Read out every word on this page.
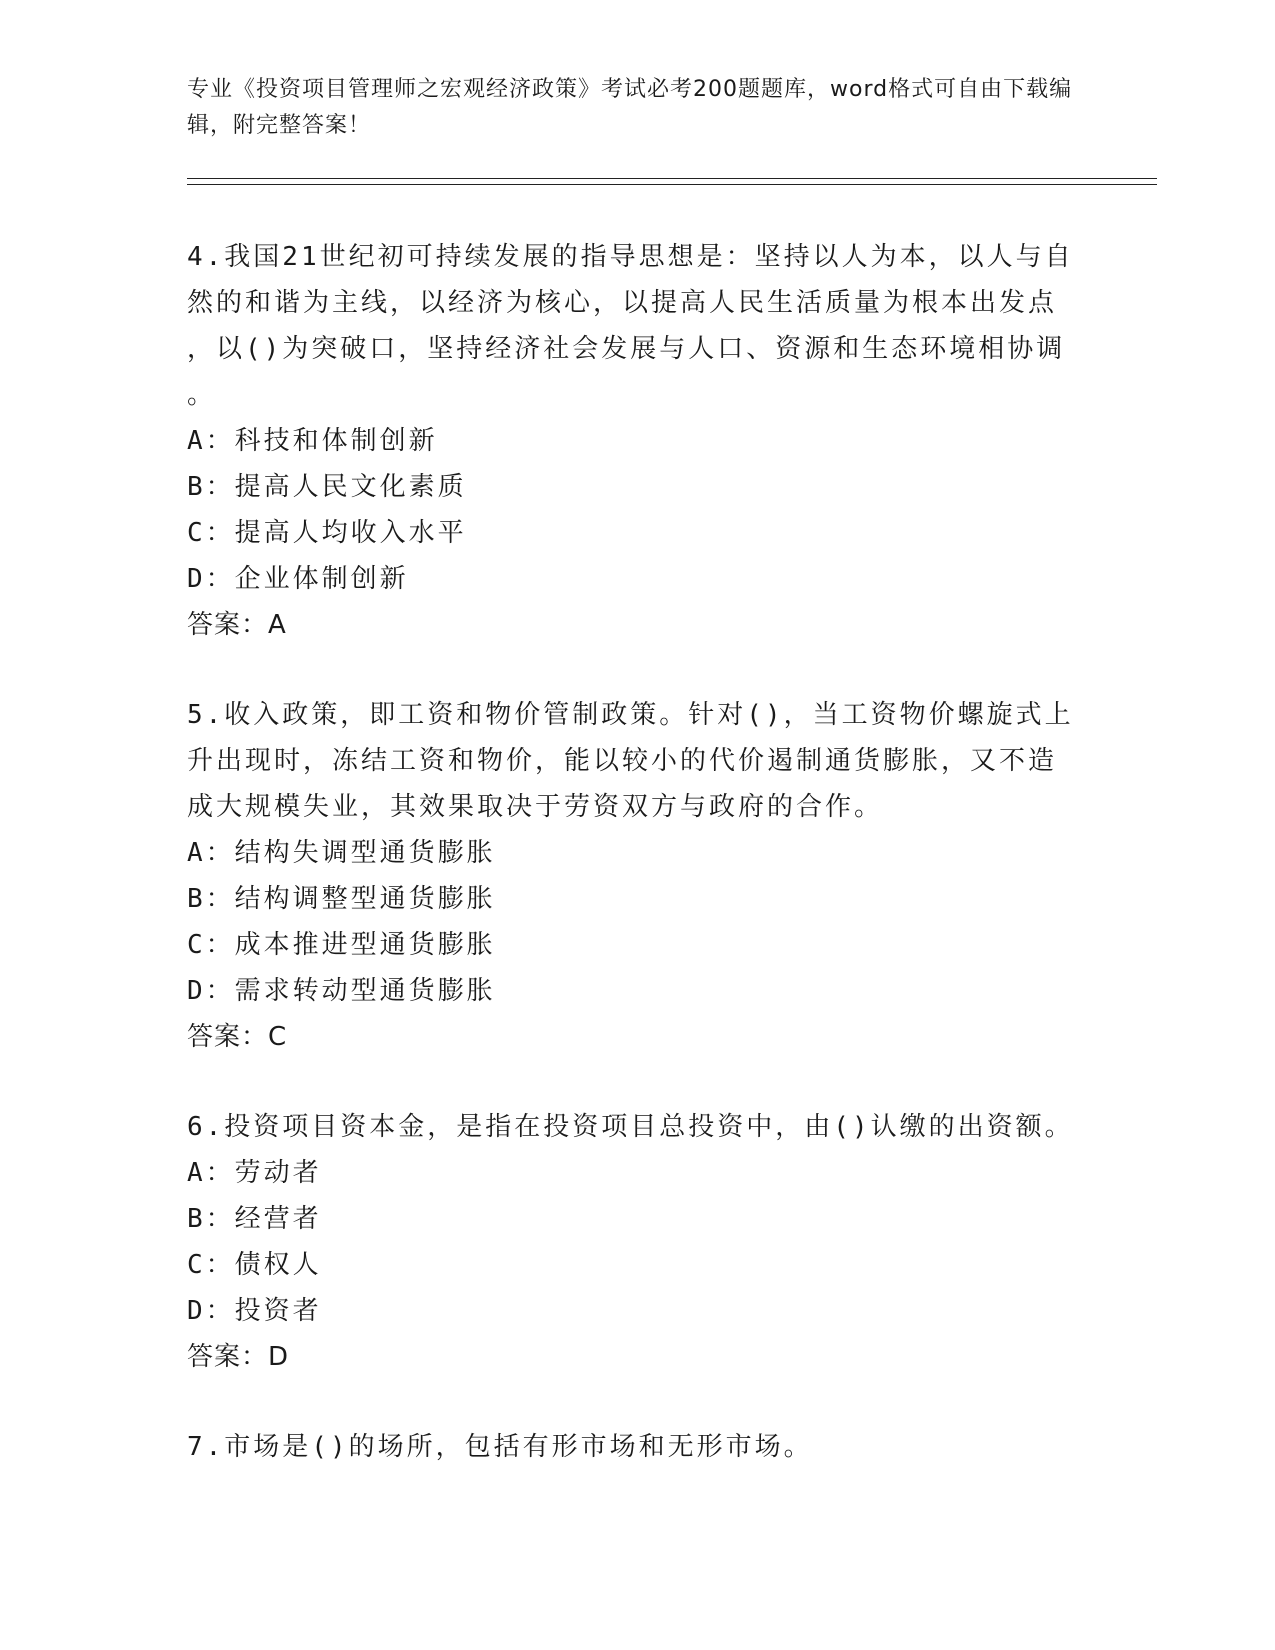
专业《投资项目管理师之宏观经济政策》考试必考200题题库，word格式可自由下载编辑，附完整答案！

4.我国21世纪初可持续发展的指导思想是：坚持以人为本，以人与自

然的和谐为主线，以经济为核心，以提高人民生活质量为根本出发点

，以()为突破口，坚持经济社会发展与人口、资源和生态环境相协调

。

A：科技和体制创新

B：提高人民文化素质

C：提高人均收入水平

D：企业体制创新

答案：A

5.收入政策，即工资和物价管制政策。针对()，当工资物价螺旋式上

升出现时，冻结工资和物价，能以较小的代价遏制通货膨胀，又不造

成大规模失业，其效果取决于劳资双方与政府的合作。

A：结构失调型通货膨胀

B：结构调整型通货膨胀

C：成本推进型通货膨胀

D：需求转动型通货膨胀

答案：C

6.投资项目资本金，是指在投资项目总投资中，由()认缴的出资额。

A：劳动者

B：经营者

C：债权人

D：投资者

答案：D

7.市场是()的场所，包括有形市场和无形市场。
